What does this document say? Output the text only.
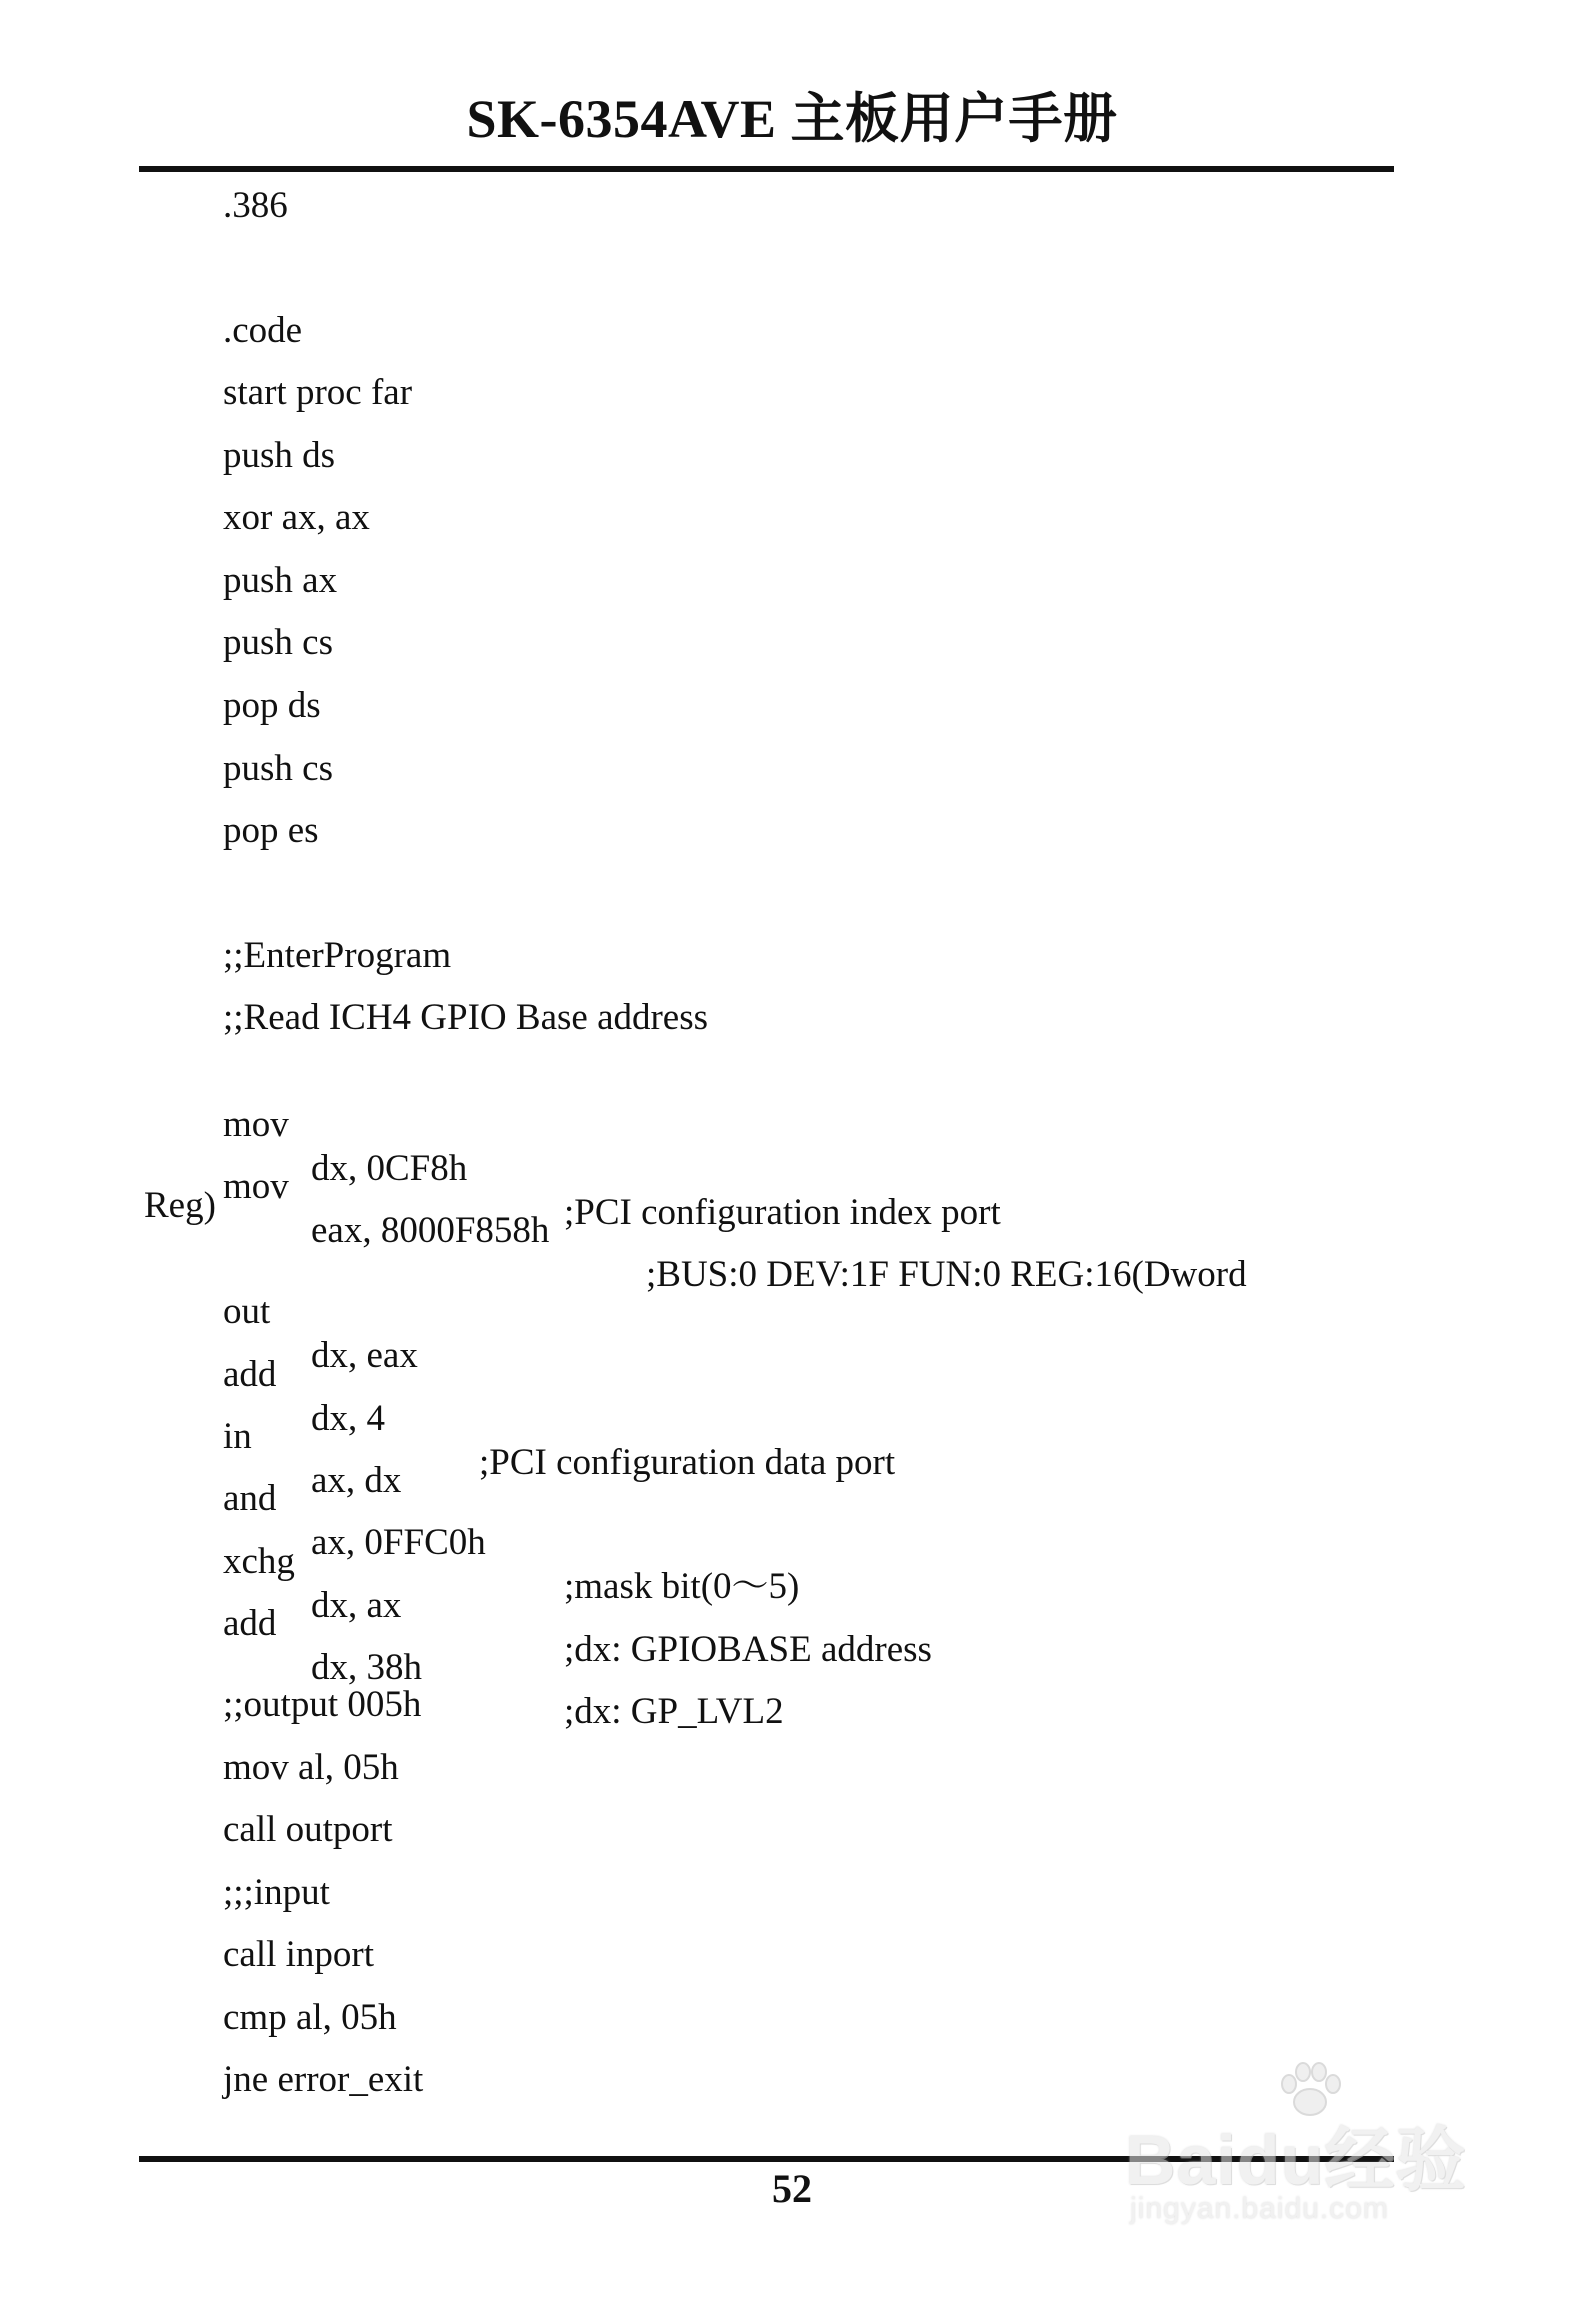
SK-6354AVE 主板用户手册
.386
.code
start proc far
push ds
xor ax, ax
push ax
push cs
pop ds
push cs
pop es
;;EnterProgram
;;Read ICH4 GPIO Base address

mov

dx, 0CF8h

;PCI configuration index port

mov

eax, 8000F858h

;BUS:0 DEV:1F FUN:0 REG:16(Dword

Reg)

out

dx, eax

add

dx, 4

;PCI configuration data port

in

ax, dx

and

ax, 0FFC0h

;mask bit(0～5)

xchg

dx, ax

;dx: GPIOBASE address

add

dx, 38h

;dx: GP_LVL2

;;output 005h
mov al, 05h
call outport
;;;input
call inport
cmp al, 05h
jne error_exit
52	Baidu经验
jingyan.baidu.com
